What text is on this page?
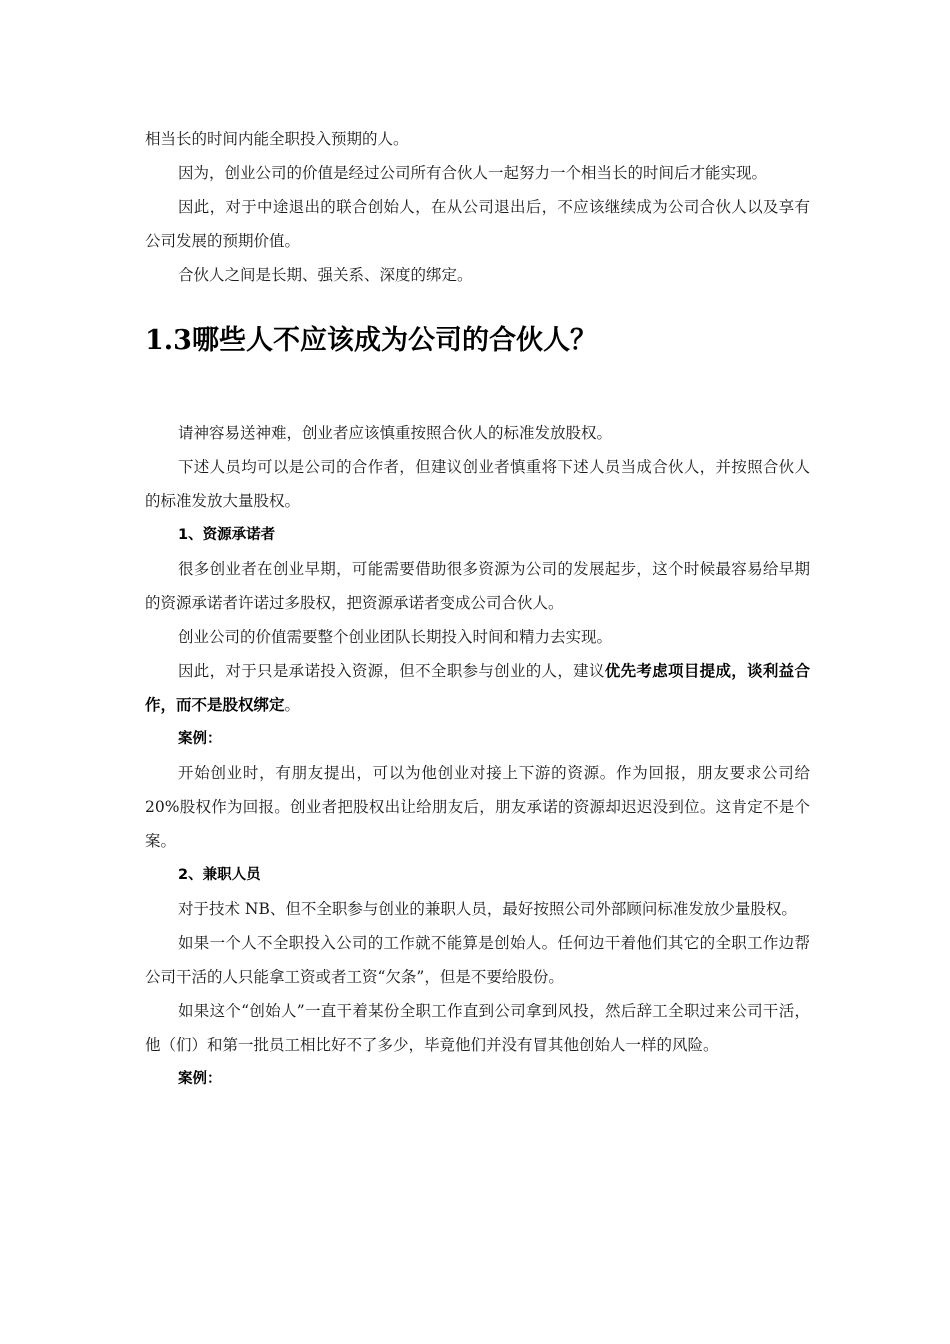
相当长的时间内能全职投入预期的人。

因为，创业公司的价值是经过公司所有合伙人一起努力一个相当长的时间后才能实现。

因此，对于中途退出的联合创始人，在从公司退出后，不应该继续成为公司合伙人以及享有公司发展的预期价值。

合伙人之间是长期、强关系、深度的绑定。

1.3哪些人不应该成为公司的合伙人？

请神容易送神难，创业者应该慎重按照合伙人的标准发放股权。

下述人员均可以是公司的合作者，但建议创业者慎重将下述人员当成合伙人，并按照合伙人的标准发放大量股权。

1、资源承诺者

很多创业者在创业早期，可能需要借助很多资源为公司的发展起步，这个时候最容易给早期的资源承诺者许诺过多股权，把资源承诺者变成公司合伙人。

创业公司的价值需要整个创业团队长期投入时间和精力去实现。

因此，对于只是承诺投入资源，但不全职参与创业的人，建议优先考虑项目提成，谈利益合作，而不是股权绑定。

案例：

开始创业时，有朋友提出，可以为他创业对接上下游的资源。作为回报，朋友要求公司给 20%股权作为回报。创业者把股权出让给朋友后，朋友承诺的资源却迟迟没到位。这肯定不是个案。

2、兼职人员

对于技术 NB、但不全职参与创业的兼职人员，最好按照公司外部顾问标准发放少量股权。

如果一个人不全职投入公司的工作就不能算是创始人。任何边干着他们其它的全职工作边帮公司干活的人只能拿工资或者工资“欠条”，但是不要给股份。

如果这个“创始人”一直干着某份全职工作直到公司拿到风投，然后辞工全职过来公司干活，他（们）和第一批员工相比好不了多少，毕竟他们并没有冒其他创始人一样的风险。

案例：
